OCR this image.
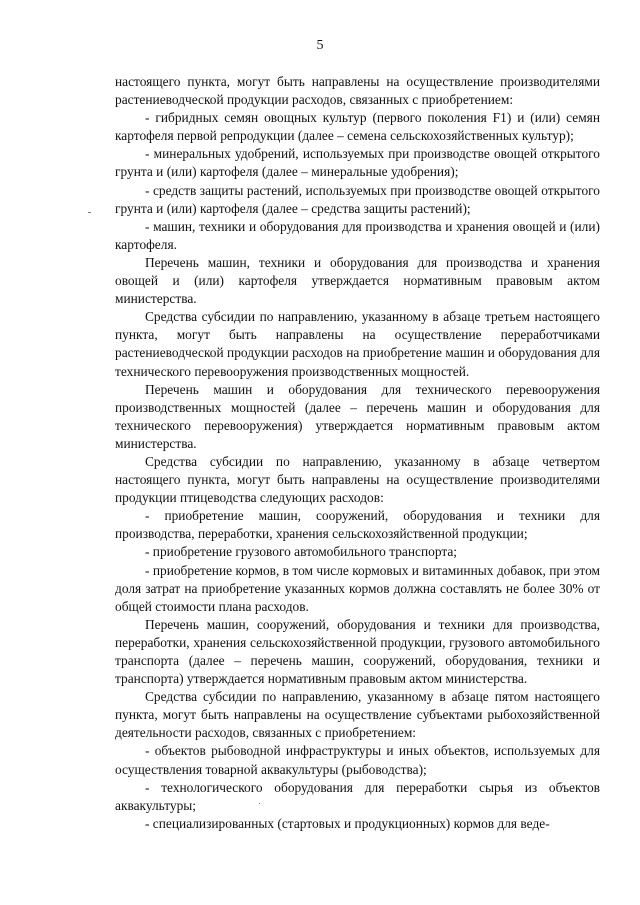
5

настоящего пункта, могут быть направлены на осуществление производителями растениеводческой продукции расходов, связанных с приобретением:

- гибридных семян овощных культур (первого поколения F1) и (или) семян картофеля первой репродукции (далее – семена сельскохозяйственных культур);

- минеральных удобрений, используемых при производстве овощей открытого грунта и (или) картофеля (далее – минеральные удобрения);

- средств защиты растений, используемых при производстве овощей открытого грунта и (или) картофеля (далее – средства защиты растений);

- машин, техники и оборудования для производства и хранения овощей и (или) картофеля.

Перечень машин, техники и оборудования для производства и хранения овощей и (или) картофеля утверждается нормативным правовым актом министерства.

Средства субсидии по направлению, указанному в абзаце третьем настоящего пункта, могут быть направлены на осуществление переработчиками растениеводческой продукции расходов на приобретение машин и оборудования для технического перевооружения производственных мощностей.

Перечень машин и оборудования для технического перевооружения производственных мощностей (далее – перечень машин и оборудования для технического перевооружения) утверждается нормативным правовым актом министерства.

Средства субсидии по направлению, указанному в абзаце четвертом настоящего пункта, могут быть направлены на осуществление производителями продукции птицеводства следующих расходов:

- приобретение машин, сооружений, оборудования и техники для производства, переработки, хранения сельскохозяйственной продукции;

- приобретение грузового автомобильного транспорта;

- приобретение кормов, в том числе кормовых и витаминных добавок, при этом доля затрат на приобретение указанных кормов должна составлять не более 30% от общей стоимости плана расходов.

Перечень машин, сооружений, оборудования и техники для производства, переработки, хранения сельскохозяйственной продукции, грузового автомобильного транспорта (далее – перечень машин, сооружений, оборудования, техники и транспорта) утверждается нормативным правовым актом министерства.

Средства субсидии по направлению, указанному в абзаце пятом настоящего пункта, могут быть направлены на осуществление субъектами рыбохозяйственной деятельности расходов, связанных с приобретением:

- объектов рыбоводной инфраструктуры и иных объектов, используемых для осуществления товарной аквакультуры (рыбоводства);

- технологического оборудования для переработки сырья из объектов аквакультуры;

- специализированных (стартовых и продукционных) кормов для веде-
